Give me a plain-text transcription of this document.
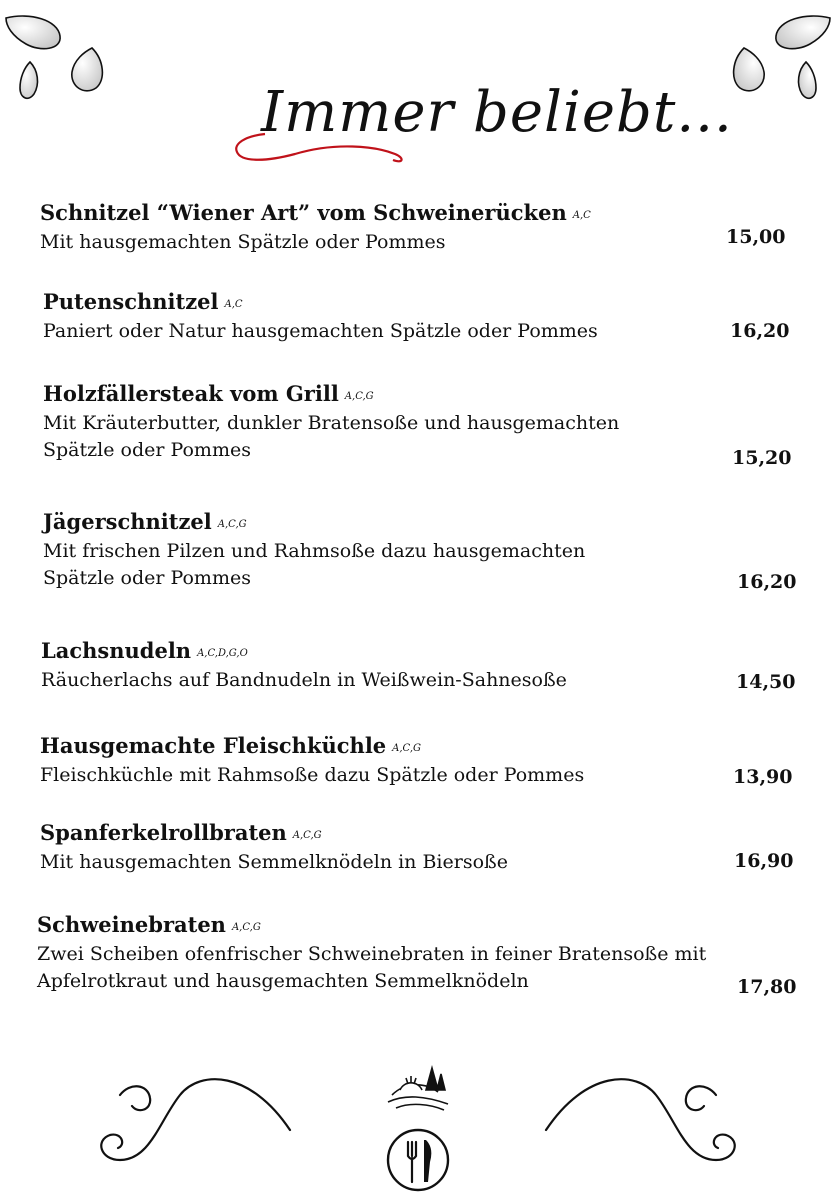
Immer beliebt...
Schnitzel “Wiener Art” vom Schweinerücken A,C
Mit hausgemachten Spätzle oder Pommes	15,00
Putenschnitzel A,C
Paniert oder Natur hausgemachten Spätzle oder Pommes	16,20
Holzfällersteak vom Grill A,C,G
Mit Kräuterbutter, dunkler Bratensoße und hausgemachten Spätzle oder Pommes	15,20
Jägerschnitzel A,C,G
Mit frischen Pilzen und Rahmsoße dazu hausgemachten Spätzle oder Pommes	16,20
Lachsnudeln A,C,D,G,O
Räucherlachs auf Bandnudeln in Weißwein-Sahnesoße	14,50
Hausgemachte Fleischküchle A,C,G
Fleischküchle mit Rahmsoße dazu Spätzle oder Pommes	13,90
Spanferkelrollbraten A,C,G
Mit hausgemachten Semmelknödeln in Biersoße	16,90
Schweinebraten A,C,G
Zwei Scheiben ofenfrischer Schweinebraten in feiner Bratensoße mit Apfelrotkraut und hausgemachten Semmelknödeln	17,80
